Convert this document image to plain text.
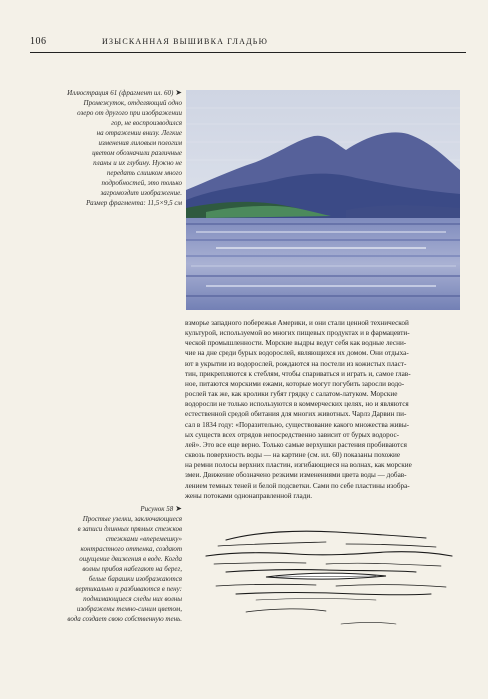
106	ИЗЫСКАННАЯ ВЫШИВКА ГЛАДЬЮ
Иллюстрация 61 (фрагмент ил. 60) ➤
Промежуток, отделяющий одно
озеро от другого при изображении
гор, не воспроизводился
на отражении внизу. Легкие
изменения лиловым пологим
цветом обозначили различные
планы и их глубину. Нужно не
передать слишком много
подробностей, это только
загромоздит изображение.
Размер фрагмента: 11,5×9,5 см
взморье западного побережья Америки, и они стали ценной технической
культурой, используемой во многих пищевых продуктах и в фармацевти-
ческой промышленности. Морские выдры ведут себя как водные лесни-
чие на дне среди бурых водорослей, являющихся их домом. Они отдыха-
ют в укрытии из водорослей, рождаются на постели из кожистых пласт-
тин, прикрепляются к стеблям, чтобы спариваться и играть и, самое глав-
ное, питаются морскими ежами, которые могут погубить заросли водо-
рослей так же, как кролики губят грядку с салатом-латуком. Морские
водоросли не только используются в коммерческих целях, но и являются
естественной средой обитания для многих животных. Чарлз Дарвин пи-
сал в 1834 году: «Поразительно, существование какого множества живы-
ых существ всех отрядов непосредственно зависит от бурых водорос-
лей». Это все еще верно. Только самые верхушки растения пробиваются
сквозь поверхность воды — на картине (см. ил. 60) показаны похожие
на ремни полосы верхних пластин, изгибающиеся на волнах, как морские
змеи. Движение обозначено резкими изменениями цвета воды — добав-
лением темных теней и белой подсветки. Сами по себе пластины изобра-
жены потоками однонаправленной глади.
Рисунок 58 ➤
Простые узелки, заключающиеся
в записи длинных прямых стежков
стежками «вперемешку»
контрастного оттенка, создают
ощущение движения в воде. Когда
волны прибоя набегают на берег,
белые барашки изображаются
вертикально и разбиваются в пену:
поднимающиеся следы них волны
изображены темно-синим цветом,
вода создает свою собственную тень.
